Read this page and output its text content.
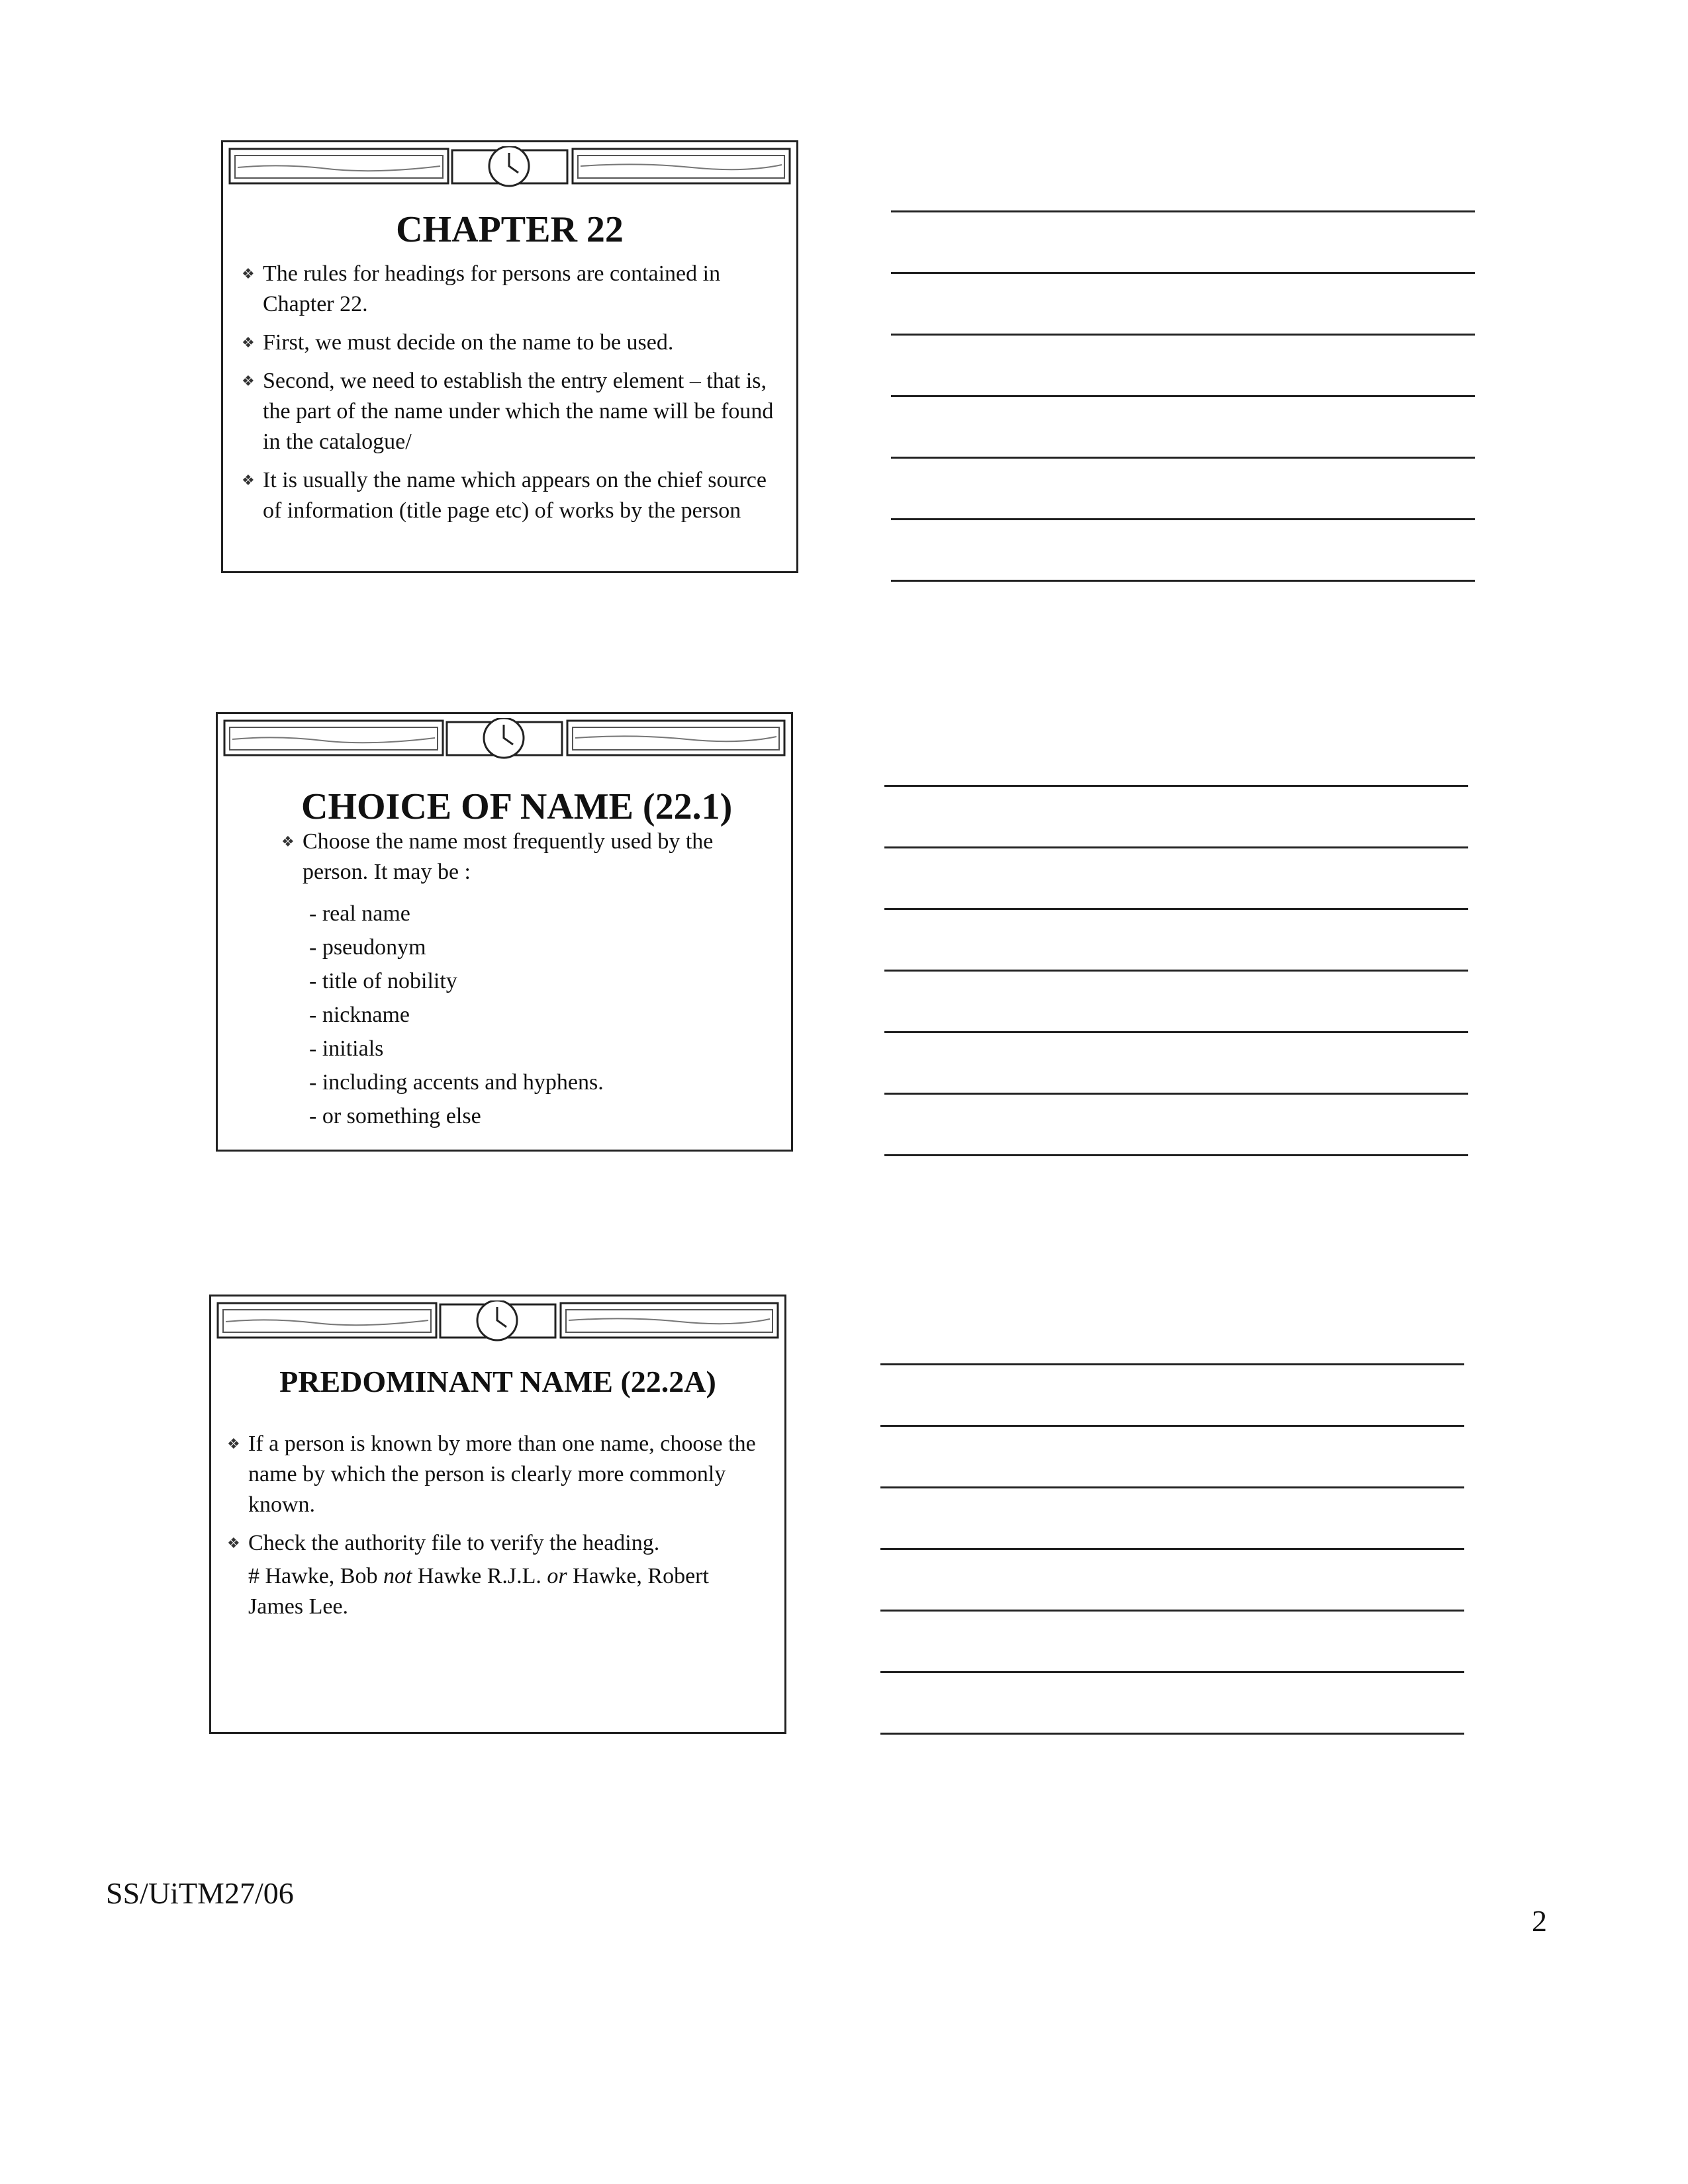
CHAPTER 22
❖ The rules for headings for persons are contained in Chapter 22.
❖ First, we must decide on the name to be used.
❖ Second, we need to establish the entry element – that is, the part of the name under which the name will be found in the catalogue/
❖ It is usually the name which appears on the chief source of information (title page etc) of works by the person
CHOICE OF NAME (22.1)
❖ Choose the name most frequently used by the person. It may be :
- real name
- pseudonym
- title of nobility
- nickname
- initials
- including accents and hyphens.
- or something else
PREDOMINANT NAME (22.2A)
❖ If a person is known by more than one name, choose the name by which the person is clearly more commonly known.
❖ Check the authority file to verify the heading.
# Hawke, Bob not Hawke R.J.L. or Hawke, Robert James Lee.
SS/UiTM27/06
2
